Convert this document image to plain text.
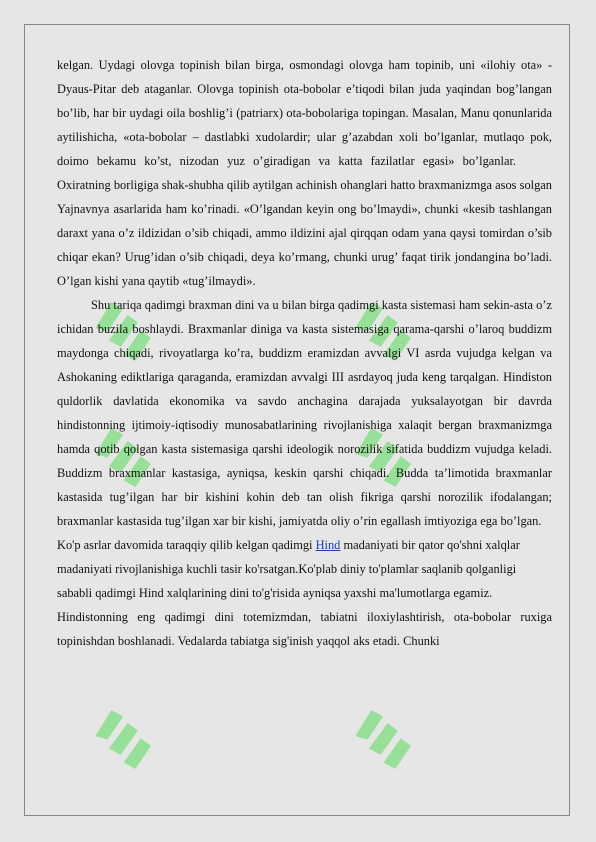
kelgan. Uydagi olovga topinish bilan birga, osmondagi olovga ham topinib, uni «ilohiy ota» - Dyaus-Pitar deb ataganlar. Olovga topinish ota-bobolar e’tiqodi bilan juda yaqindan bog’langan bo’lib, har bir uydagi oila boshlig’i (patriarx) ota-bobolariga topingan. Masalan, Manu qonunlarida aytilishicha, «ota-bobolar – dastlabki xudolardir; ular g’azabdan xoli bo’lganlar, mutlaqo pok, doimo bekamu ko’st, nizodan yuz o’giradigan va katta fazilatlar egasi» bo’lganlar.Oxiratning borligiga shak-shubha qilib aytilgan achinish ohanglari hatto braxmanizmga asos solgan Yajnavnya asarlarida ham ko’rinadi. «O’lgandan keyin ong bo’lmaydi», chunki «kesib tashlangan daraxt yana o’z ildizidan o’sib chiqadi, ammo ildizini ajal qirqqan odam yana qaysi tomirdan o’sib chiqar ekan? Urug’idan o’sib chiqadi, deya ko’rmang, chunki urug’ faqat tirik jondangina bo’ladi. O’lgan kishi yana qaytib «tug’ilmaydi».

Shu tariqa qadimgi braxman dini va u bilan birga qadimgi kasta sistemasi ham sekin-asta o’z ichidan buzila boshlaydi. Braxmanlar diniga va kasta sistemasiga qarama-qarshi o’laroq buddizm maydonga chiqadi, rivoyatlarga ko’ra, buddizm eramizdan avvalgi VI asrda vujudga kelgan va Ashokaning ediktlariga qaraganda, eramizdan avvalgi III asrdayoq juda keng tarqalgan. Hindiston quldorlik davlatida ekonomika va savdo anchagina darajada yuksalayotgan bir davrda hindistonning ijtimoiy-iqtisodiy munosabatlarining rivojlanishiga xalaqit bergan braxmanizmga hamda qotib qolgan kasta sistemasiga qarshi ideologik norozilik sifatida buddizm vujudga keladi. Buddizm braxmanlar kastasiga, ayniqsa, keskin qarshi chiqadi. Budda ta’limotida braxmanlar kastasida tug’ilgan har bir kishini kohin deb tan olish fikriga qarshi norozilik ifodalangan; braxmanlar kastasida tug’ilgan xar bir kishi, jamiyatda oliy o’rin egallash imtiyoziga ega bo’lgan.

Ko'p asrlar davomida taraqqiy qilib kelgan qadimgi Hind madaniyati bir qator qo'shni xalqlar madaniyati rivojlanishiga kuchli tasir ko'rsatgan.Ko'plab diniy to'plamlar saqlanib qolganligi sababli qadimgi Hind xalqlarining dini to'g'risida ayniqsa yaxshi ma'lumotlarga egamiz.

Hindistonning eng qadimgi dini totemizmdan, tabiatni iloxiylashtirish, ota-bobolar ruxiga topinishdan boshlanadi. Vedalarda tabiatga sig'inish yaqqol aks etadi. Chunki
